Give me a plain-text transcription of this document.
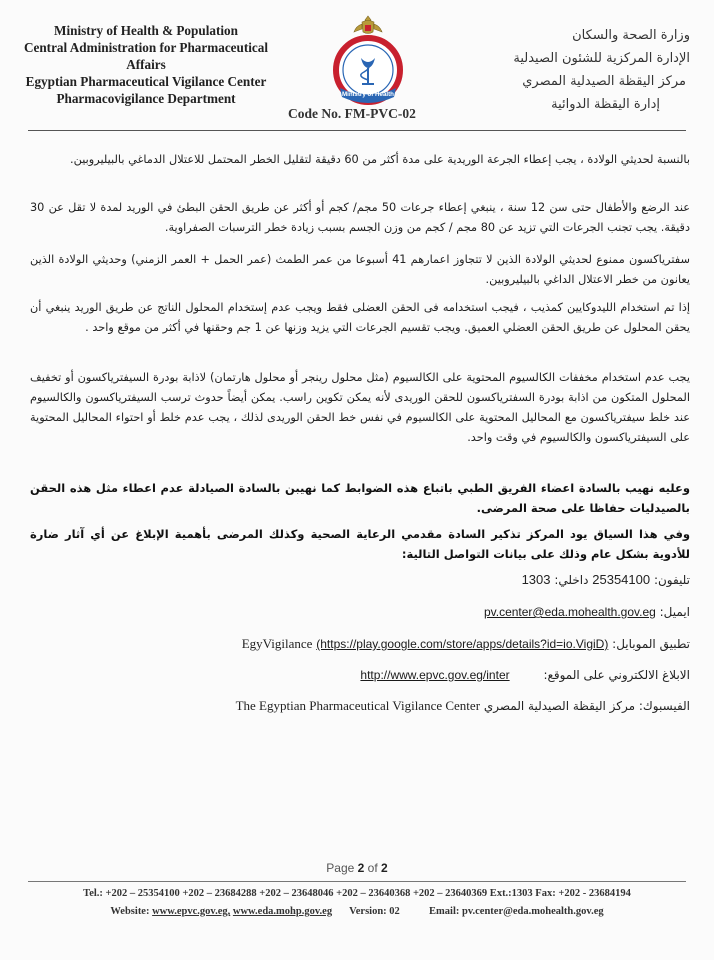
Ministry of Health & Population
Central Administration for Pharmaceutical
Affairs
Egyptian Pharmaceutical Vigilance Center
Pharmacovigilance Department	Ministry of Health
وزارة الصحة والسكان
الإدارة المركزية للشئون الصيدلية
مركز اليقظة الصيدلية المصري
إدارة اليقظة الدوائية
Code No. FM-PVC-02
بالنسبة لحديثي الولادة ، يجب إعطاء الجرعة الوريدية على مدة أكثر من 60 دقيقة لتقليل الخطر المحتمل للاعتلال الدماغي بالبيليروبين.
عند الرضع والأطفال حتى سن 12 سنة ، ينبغي إعطاء جرعات 50 مجم/ كجم أو أكثر عن طريق الحقن البطئ في الوريد لمدة لا تقل عن 30 دقيقة. يجب تجنب الجرعات التي تزيد عن 80 مجم / كجم من وزن الجسم بسبب زيادة خطر الترسبات الصفراوية.
سفترياكسون ممنوع لحديثي الولادة الذين لا تتجاوز اعمارهم 41 أسبوعا من عمر الطمث (عمر الحمل + العمر الزمني) وحديثي الولادة الذين يعانون من خطر الاعتلال الداغي بالبيليروبين.
إذا تم استخدام الليدوكايين كمذيب ، فيجب استخدامه فى الحقن العضلى فقط ويجب عدم إستخدام المحلول الناتج عن طريق الوريد ينبغي أن يحقن المحلول عن طريق الحقن العضلي العميق. ويجب تقسيم الجرعات التي يزيد وزنها عن 1 جم وحقنها في أكثر من موقع واحد .
يجب عدم استخدام مخففات الكالسيوم المحتوية على الكالسيوم (مثل محلول رينجر أو محلول هارتمان) لاذابة بودرة السيفترياكسون أو تخفيف المحلول المتكون من اذابة بودرة السفترياكسون للحقن الوريدى لأنه يمكن تكوين راسب. يمكن أيضاً حدوث ترسب السيفترياكسون والكالسيوم عند خلط سيفترياكسون مع المحاليل المحتوية على الكالسيوم في نفس خط الحقن الوريدى لذلك ، يجب عدم خلط أو احتواء المحاليل المحتوية على السيفترياكسون والكالسيوم في وقت واحد.
وعليه نهيب بالسادة اعضاء الفريق الطبي باتباع هذه الضوابط كما نهيبن بالسادة الصيادلة عدم اعطاء مثل هذه الحقن بالصيدليات حفاظا على صحة المرضى.
وفي هذا السياق يود المركز تذكير السادة مقدمي الرعاية الصحية وكذلك المرضى بأهمية الإبلاغ عن أي آثار ضارة للأدوية بشكل عام وذلك على بيانات التواصل التالية:
تليفون: 25354100 داخلي: 1303
ايميل: pv.center@eda.mohealth.gov.eg
تطبيق الموبايل: EgyVigilance (https://play.google.com/store/apps/details?id=io.VigiD)
الابلاغ الالكتروني على الموقع: http://www.epvc.gov.eg/inter
الفيسبوك: مركز اليقظة الصيدلية المصري The Egyptian Pharmaceutical Vigilance Center
Page 2 of 2
Tel.: +202 – 25354100 +202 – 23684288 +202 – 23648046 +202 – 23640368 +202 – 23640369 Ext.:1303 Fax: +202 - 23684194
Website: www.epvc.gov.eg, www.eda.mohp.gov.eg Version: 02	Email: pv.center@eda.mohealth.gov.eg
